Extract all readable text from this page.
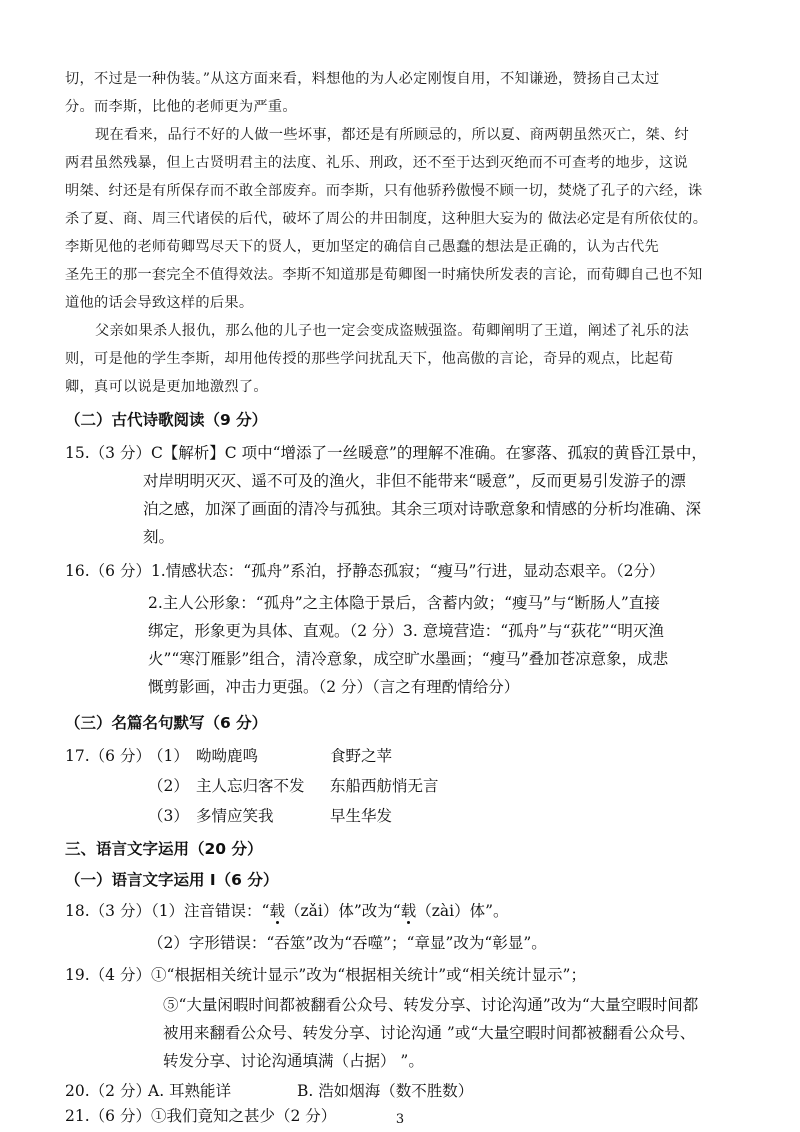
切，不过是一种伪装。”从这方面来看，料想他的为人必定刚愎自用，不知谦逊，赞扬自己太过
分。而李斯，比他的老师更为严重。
现在看来，品行不好的人做一些坏事，都还是有所顾忌的，所以夏、商两朝虽然灭亡，桀、纣
两君虽然残暴，但上古贤明君主的法度、礼乐、刑政，还不至于达到灭绝而不可查考的地步，这说
明桀、纣还是有所保存而不敢全部废弃。而李斯，只有他骄矜傲慢不顾一切，焚烧了孔子的六经，诛
杀了夏、商、周三代诸侯的后代，破坏了周公的井田制度，这种胆大妄为的 做法必定是有所依仗的。
李斯见他的老师荀卿骂尽天下的贤人，更加坚定的确信自己愚蠢的想法是正确的，认为古代先
圣先王的那一套完全不值得效法。李斯不知道那是荀卿图一时痛快所发表的言论，而荀卿自己也不知
道他的话会导致这样的后果。
父亲如果杀人报仇，那么他的儿子也一定会变成盗贼强盗。荀卿阐明了王道，阐述了礼乐的法
则，可是他的学生李斯，却用他传授的那些学问扰乱天下，他高傲的言论，奇异的观点，比起荀
卿，真可以说是更加地激烈了。
（二）古代诗歌阅读（9 分）
15.（3 分）C【解析】C 项中“增添了一丝暖意”的理解不准确。在寥落、孤寂的黄昏江景中，
对岸明明灭灭、遥不可及的渔火，非但不能带来“暖意”，反而更易引发游子的漂
泊之感，加深了画面的清冷与孤独。其余三项对诗歌意象和情感的分析均准确、深
刻。
16.（6 分）1.情感状态：“孤舟”系泊，抒静态孤寂；“瘦马”行进，显动态艰辛。（2分）
2.主人公形象：“孤舟”之主体隐于景后，含蓄内敛；“瘦马”与“断肠人”直接
绑定，形象更为具体、直观。（2 分）3. 意境营造：“孤舟”与“荻花”“明灭渔
火”“寒汀雁影”组合，清冷意象，成空旷水墨画；“瘦马”叠加苍凉意象，成悲
慨剪影画，冲击力更强。（2 分）（言之有理酌情给分）
（三）名篇名句默写（6 分）
17.（6 分）
（1） 呦呦鹿鸣	食野之苹
（2） 主人忘归客不发 东船西舫悄无言
（3） 多情应笑我	早生华发
三、语言文字运用（20 分）
（一）语言文字运用 I（6 分）
18.（3 分）（1）注音错误：“载（zǎi）体”改为“载（zài）体”。
（2）字形错误：“吞筮”改为“吞噬”；“章显”改为“彰显”。
19.（4 分）①“根据相关统计显示”改为“根据相关统计”或“相关统计显示”；
⑤“大量闲暇时间都被翻看公众号、转发分享、讨论沟通”改为“大量空暇时间都
被用来翻看公众号、转发分享、讨论沟通 ”或“大量空暇时间都被翻看公众号、
转发分享、讨论沟通填满（占据） ”。
20.（2 分）
A. 耳熟能详	B. 浩如烟海（数不胜数）
21.（6 分）①我们竟知之甚少（2 分）	3
